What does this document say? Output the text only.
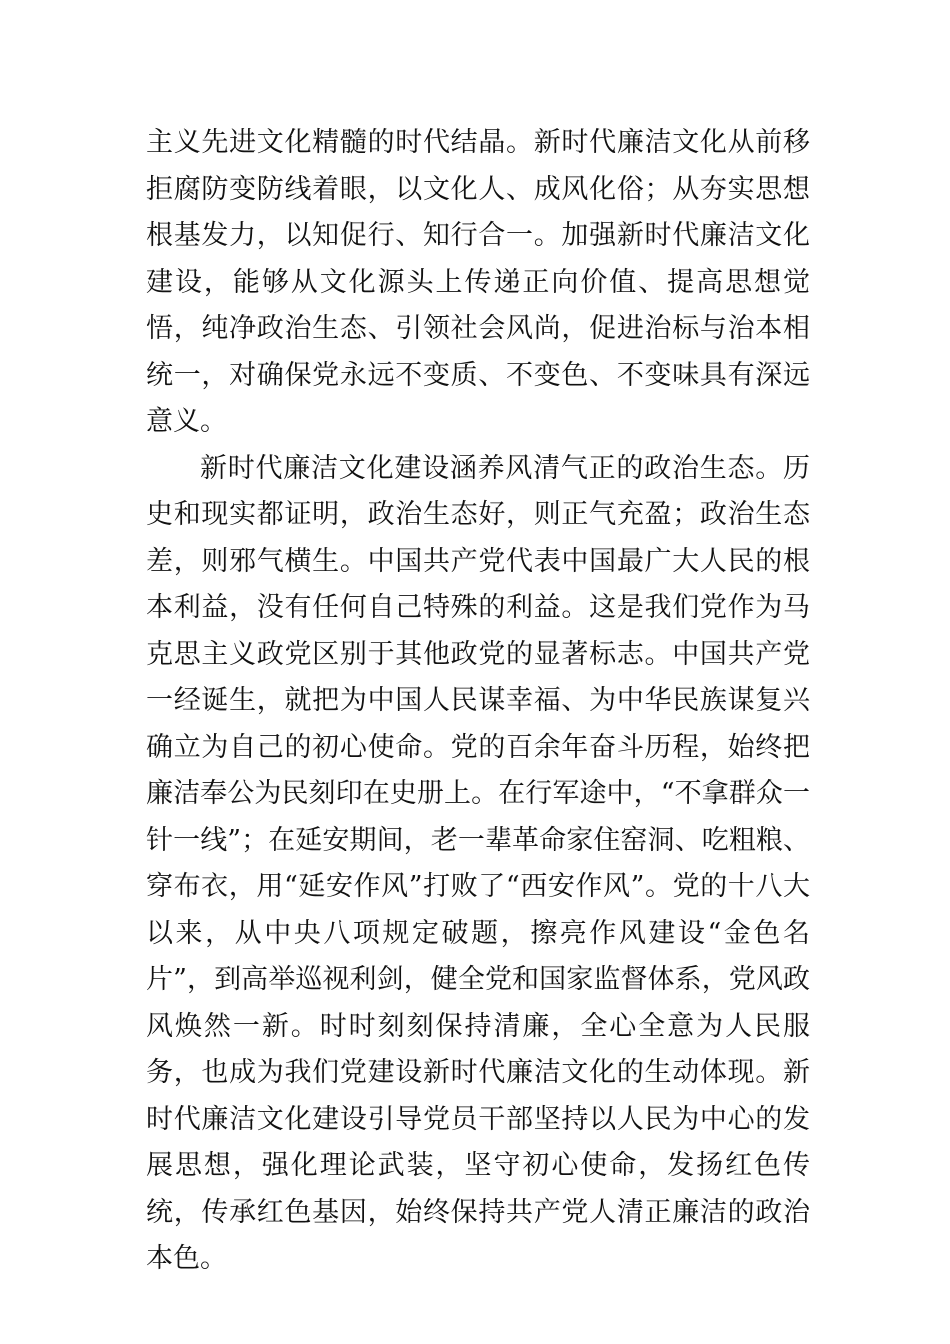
主义先进文化精髓的时代结晶。新时代廉洁文化从前移拒腐防变防线着眼，以文化人、成风化俗；从夯实思想根基发力，以知促行、知行合一。加强新时代廉洁文化建设，能够从文化源头上传递正向价值、提高思想觉悟，纯净政治生态、引领社会风尚，促进治标与治本相统一，对确保党永远不变质、不变色、不变味具有深远意义。

新时代廉洁文化建设涵养风清气正的政治生态。历史和现实都证明，政治生态好，则正气充盈；政治生态差，则邪气横生。中国共产党代表中国最广大人民的根本利益，没有任何自己特殊的利益。这是我们党作为马克思主义政党区别于其他政党的显著标志。中国共产党一经诞生，就把为中国人民谋幸福、为中华民族谋复兴确立为自己的初心使命。党的百余年奋斗历程，始终把廉洁奉公为民刻印在史册上。在行军途中，“不拿群众一针一线”；在延安期间，老一辈革命家住窑洞、吃粗粮、穿布衣，用“延安作风”打败了“西安作风”。党的十八大以来，从中央八项规定破题，擦亮作风建设“金色名片”，到高举巡视利剑，健全党和国家监督体系，党风政风焕然一新。时时刻刻保持清廉，全心全意为人民服务，也成为我们党建设新时代廉洁文化的生动体现。新时代廉洁文化建设引导党员干部坚持以人民为中心的发展思想，强化理论武装，坚守初心使命，发扬红色传统，传承红色基因，始终保持共产党人清正廉洁的政治本色。
